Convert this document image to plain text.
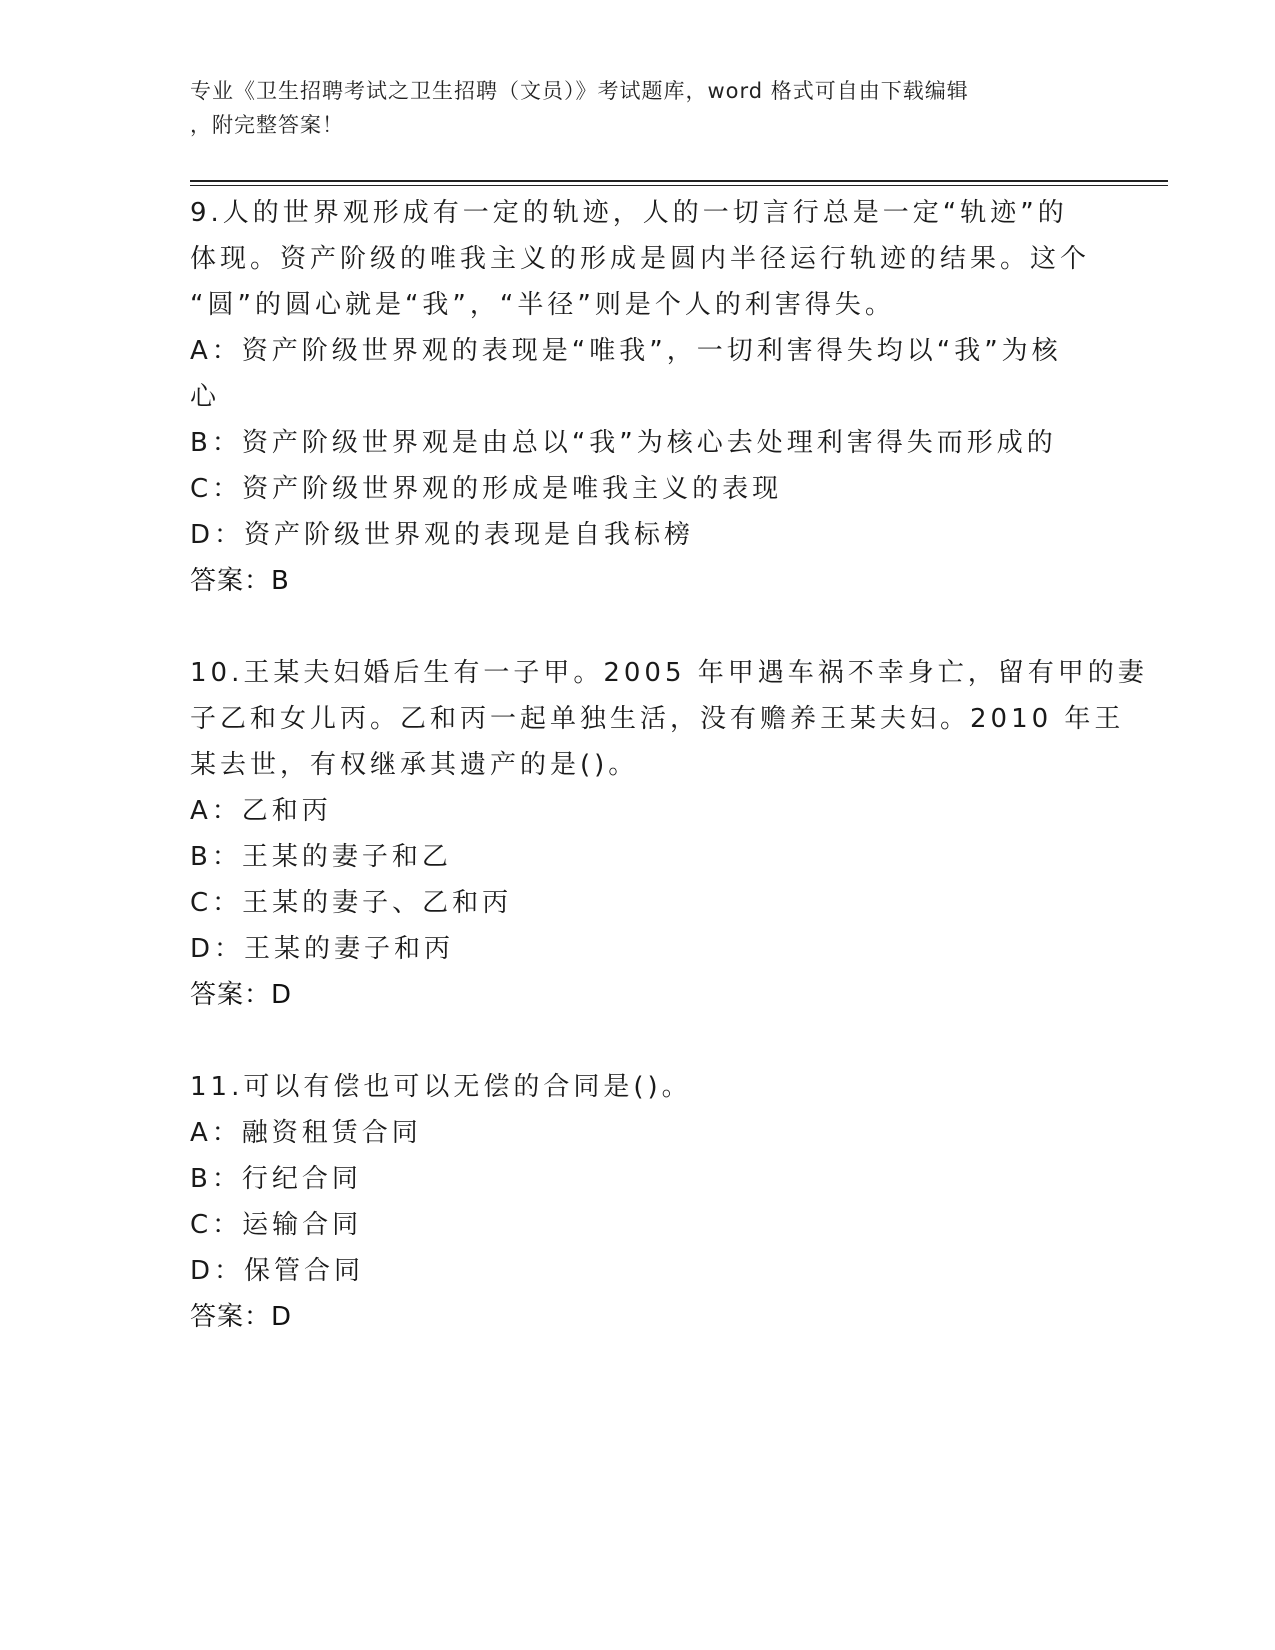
专业《卫生招聘考试之卫生招聘（文员）》考试题库，word 格式可自由下载编辑
，附完整答案！
9.人的世界观形成有一定的轨迹，人的一切言行总是一定“轨迹”的
体现。资产阶级的唯我主义的形成是圆内半径运行轨迹的结果。这个
“圆”的圆心就是“我”，“半径”则是个人的利害得失。
A：资产阶级世界观的表现是“唯我”，一切利害得失均以“我”为核
心
B：资产阶级世界观是由总以“我”为核心去处理利害得失而形成的
C：资产阶级世界观的形成是唯我主义的表现
D：资产阶级世界观的表现是自我标榜
答案：B
10.王某夫妇婚后生有一子甲。2005 年甲遇车祸不幸身亡，留有甲的妻
子乙和女儿丙。乙和丙一起单独生活，没有赡养王某夫妇。2010 年王
某去世，有权继承其遗产的是()。
A：乙和丙
B：王某的妻子和乙
C：王某的妻子、乙和丙
D：王某的妻子和丙
答案：D
11.可以有偿也可以无偿的合同是()。
A：融资租赁合同
B：行纪合同
C：运输合同
D：保管合同
答案：D
